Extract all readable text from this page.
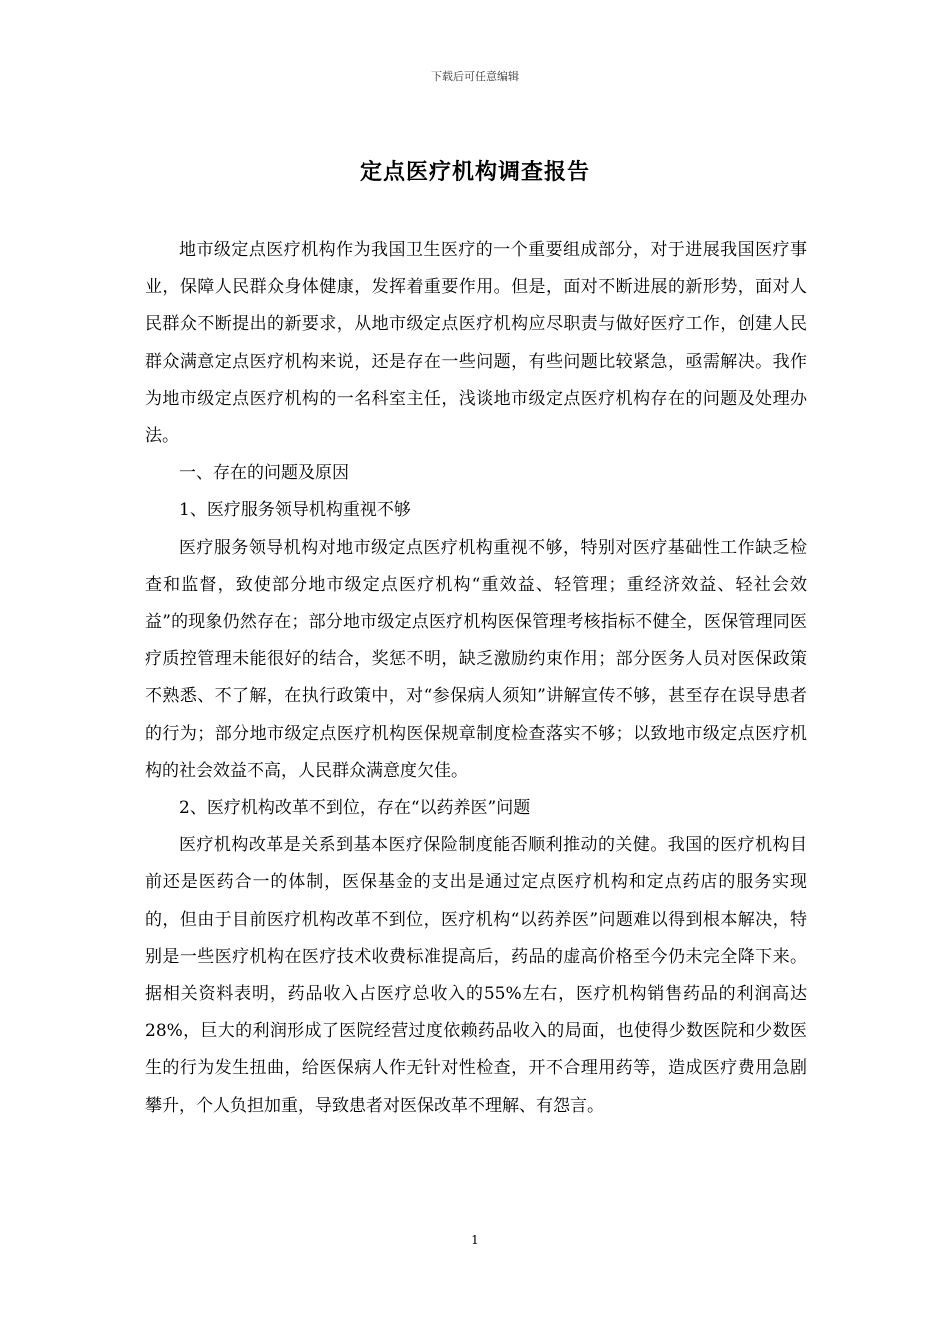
下载后可任意编辑
定点医疗机构调查报告

地市级定点医疗机构作为我国卫生医疗的一个重要组成部分，对于进展我国医疗事业，保障人民群众身体健康，发挥着重要作用。但是，面对不断进展的新形势，面对人民群众不断提出的新要求，从地市级定点医疗机构应尽职责与做好医疗工作，创建人民群众满意定点医疗机构来说，还是存在一些问题，有些问题比较紧急，亟需解决。我作为地市级定点医疗机构的一名科室主任，浅谈地市级定点医疗机构存在的问题及处理办法。

一、存在的问题及原因

1、医疗服务领导机构重视不够

医疗服务领导机构对地市级定点医疗机构重视不够，特别对医疗基础性工作缺乏检查和监督，致使部分地市级定点医疗机构“重效益、轻管理；重经济效益、轻社会效益”的现象仍然存在；部分地市级定点医疗机构医保管理考核指标不健全，医保管理同医疗质控管理未能很好的结合，奖惩不明，缺乏激励约束作用；部分医务人员对医保政策不熟悉、不了解，在执行政策中，对“参保病人须知”讲解宣传不够，甚至存在误导患者的行为；部分地市级定点医疗机构医保规章制度检查落实不够；以致地市级定点医疗机构的社会效益不高，人民群众满意度欠佳。

2、医疗机构改革不到位，存在“以药养医”问题

医疗机构改革是关系到基本医疗保险制度能否顺利推动的关健。我国的医疗机构目前还是医药合一的体制，医保基金的支出是通过定点医疗机构和定点药店的服务实现的，但由于目前医疗机构改革不到位，医疗机构“以药养医”问题难以得到根本解决，特别是一些医疗机构在医疗技术收费标准提高后，药品的虚高价格至今仍未完全降下来。据相关资料表明，药品收入占医疗总收入的55%左右，医疗机构销售药品的利润高达28%，巨大的利润形成了医院经营过度依赖药品收入的局面，也使得少数医院和少数医生的行为发生扭曲，给医保病人作无针对性检查，开不合理用药等，造成医疗费用急剧攀升，个人负担加重，导致患者对医保改革不理解、有怨言。

1
